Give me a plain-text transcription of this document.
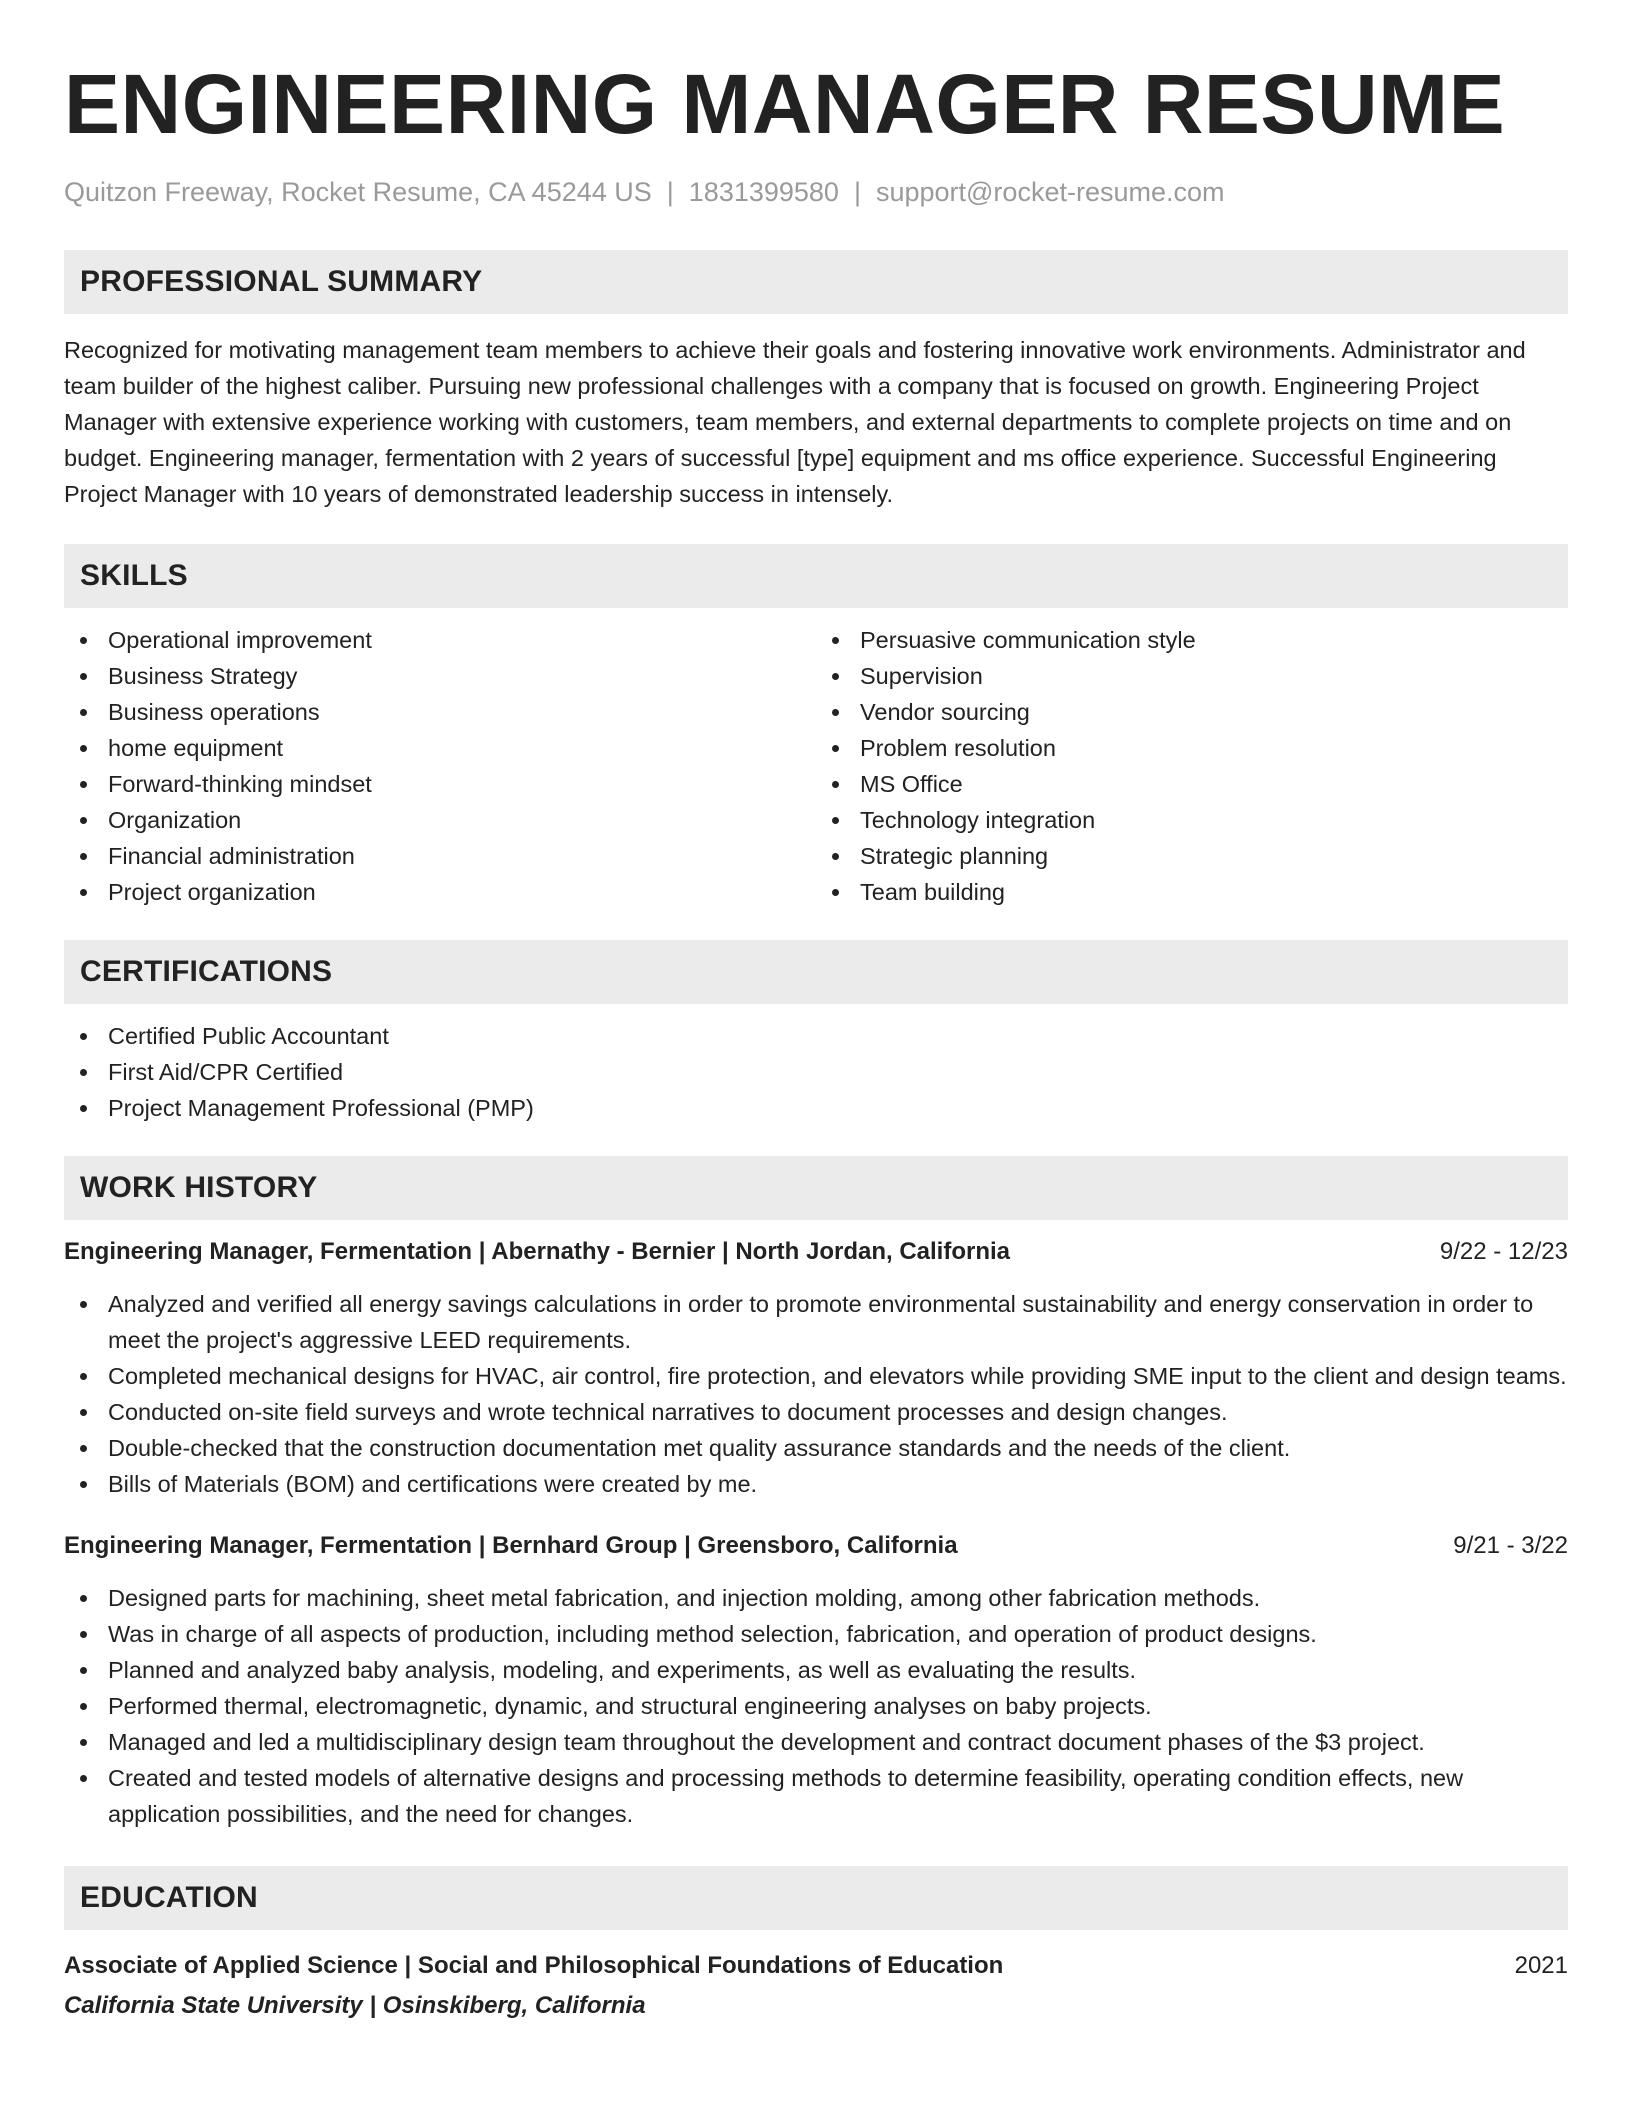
ENGINEERING MANAGER RESUME
Quitzon Freeway, Rocket Resume, CA 45244 US | 1831399580 | support@rocket-resume.com
PROFESSIONAL SUMMARY
Recognized for motivating management team members to achieve their goals and fostering innovative work environments. Administrator and team builder of the highest caliber. Pursuing new professional challenges with a company that is focused on growth. Engineering Project Manager with extensive experience working with customers, team members, and external departments to complete projects on time and on budget. Engineering manager, fermentation with 2 years of successful [type] equipment and ms office experience. Successful Engineering Project Manager with 10 years of demonstrated leadership success in intensely.
SKILLS
Operational improvement
Business Strategy
Business operations
home equipment
Forward-thinking mindset
Organization
Financial administration
Project organization
Persuasive communication style
Supervision
Vendor sourcing
Problem resolution
MS Office
Technology integration
Strategic planning
Team building
CERTIFICATIONS
Certified Public Accountant
First Aid/CPR Certified
Project Management Professional (PMP)
WORK HISTORY
Engineering Manager, Fermentation | Abernathy - Bernier | North Jordan, California	9/22 - 12/23
Analyzed and verified all energy savings calculations in order to promote environmental sustainability and energy conservation in order to meet the project's aggressive LEED requirements.
Completed mechanical designs for HVAC, air control, fire protection, and elevators while providing SME input to the client and design teams.
Conducted on-site field surveys and wrote technical narratives to document processes and design changes.
Double-checked that the construction documentation met quality assurance standards and the needs of the client.
Bills of Materials (BOM) and certifications were created by me.
Engineering Manager, Fermentation | Bernhard Group | Greensboro, California	9/21 - 3/22
Designed parts for machining, sheet metal fabrication, and injection molding, among other fabrication methods.
Was in charge of all aspects of production, including method selection, fabrication, and operation of product designs.
Planned and analyzed baby analysis, modeling, and experiments, as well as evaluating the results.
Performed thermal, electromagnetic, dynamic, and structural engineering analyses on baby projects.
Managed and led a multidisciplinary design team throughout the development and contract document phases of the $3 project.
Created and tested models of alternative designs and processing methods to determine feasibility, operating condition effects, new application possibilities, and the need for changes.
EDUCATION
Associate of Applied Science | Social and Philosophical Foundations of Education	2021
California State University | Osinskiberg, California
